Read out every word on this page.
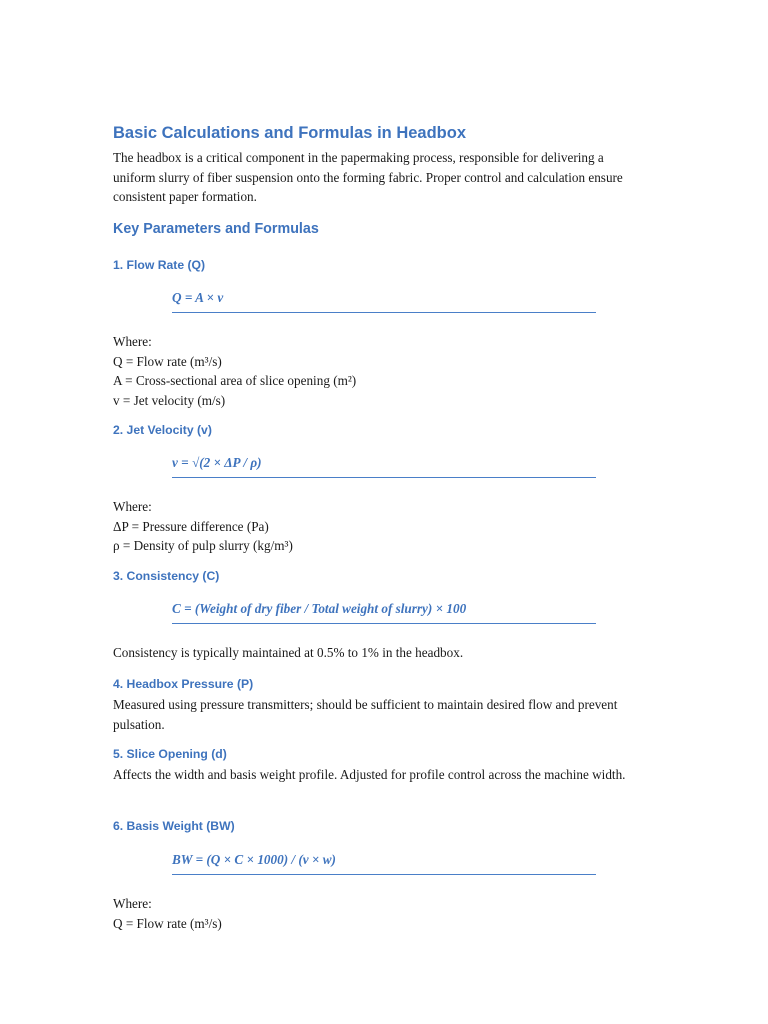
Basic Calculations and Formulas in Headbox

The headbox is a critical component in the papermaking process, responsible for delivering a uniform slurry of fiber suspension onto the forming fabric. Proper control and calculation ensure consistent paper formation.

Key Parameters and Formulas
1. Flow Rate (Q)
Q = A × v
Where:
Q = Flow rate (m³/s)
A = Cross-sectional area of slice opening (m²)
v = Jet velocity (m/s)
2. Jet Velocity (v)
v = √(2 × ΔP / ρ)
Where:
ΔP = Pressure difference (Pa)
ρ = Density of pulp slurry (kg/m³)
3. Consistency (C)
C = (Weight of dry fiber / Total weight of slurry) × 100
Consistency is typically maintained at 0.5% to 1% in the headbox.
4. Headbox Pressure (P)

Measured using pressure transmitters; should be sufficient to maintain desired flow and prevent pulsation.

5. Slice Opening (d)

Affects the width and basis weight profile. Adjusted for profile control across the machine width.

6. Basis Weight (BW)
BW = (Q × C × 1000) / (v × w)
Where:
Q = Flow rate (m³/s)
